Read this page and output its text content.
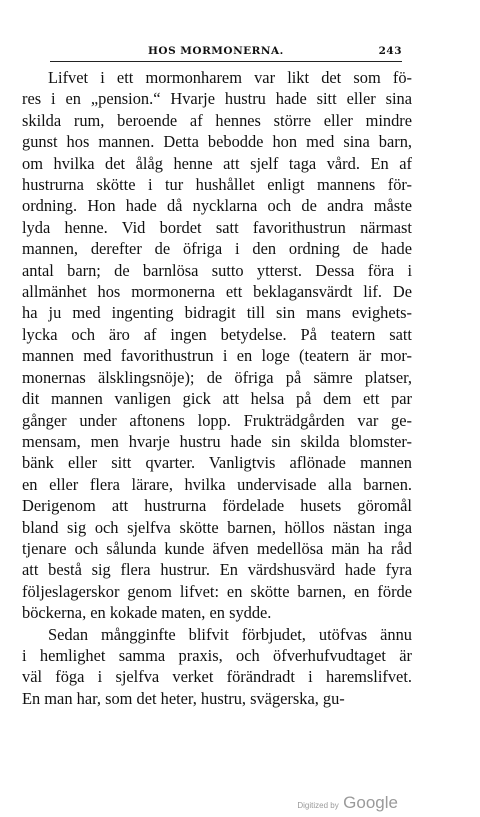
HOS MORMONERNA.	243
Lifvet i ett mormonharem var likt det som fö-
res i en „pension.“ Hvarje hustru hade sitt eller sina
skilda rum, beroende af hennes större eller mindre
gunst hos mannen. Detta bebodde hon med sina barn,
om hvilka det ålåg henne att sjelf taga vård. En af
hustrurna skötte i tur hushållet enligt mannens för-
ordning. Hon hade då nycklarna och de andra måste
lyda henne. Vid bordet satt favorithustrun närmast
mannen, derefter de öfriga i den ordning de hade
antal barn; de barnlösa sutto ytterst. Dessa föra i
allmänhet hos mormonerna ett beklagansvärdt lif. De
ha ju med ingenting bidragit till sin mans evighets-
lycka och äro af ingen betydelse. På teatern satt
mannen med favorithustrun i en loge (teatern är mor-
monernas älsklingsnöje); de öfriga på sämre platser,
dit mannen vanligen gick att helsa på dem ett par
gånger under aftonens lopp. Frukträdgården var ge-
mensam, men hvarje hustru hade sin skilda blomster-
bänk eller sitt qvarter. Vanligtvis aflönade mannen
en eller flera lärare, hvilka undervisade alla barnen.
Derigenom att hustrurna fördelade husets göromål
bland sig och sjelfva skötte barnen, höllos nästan inga
tjenare och sålunda kunde äfven medellösa män ha råd
att bestå sig flera hustrur. En värdshusvärd hade fyra
följeslagerskor genom lifvet: en skötte barnen, en förde
böckerna, en kokade maten, en sydde.
Sedan mångginfte blifvit förbjudet, utöfvas ännu
i hemlighet samma praxis, och öfverhufvudtaget är
väl föga i sjelfva verket förändradt i haremslifvet.
En man har, som det heter, hustru, svägerska, gu-
Digitized by Google
